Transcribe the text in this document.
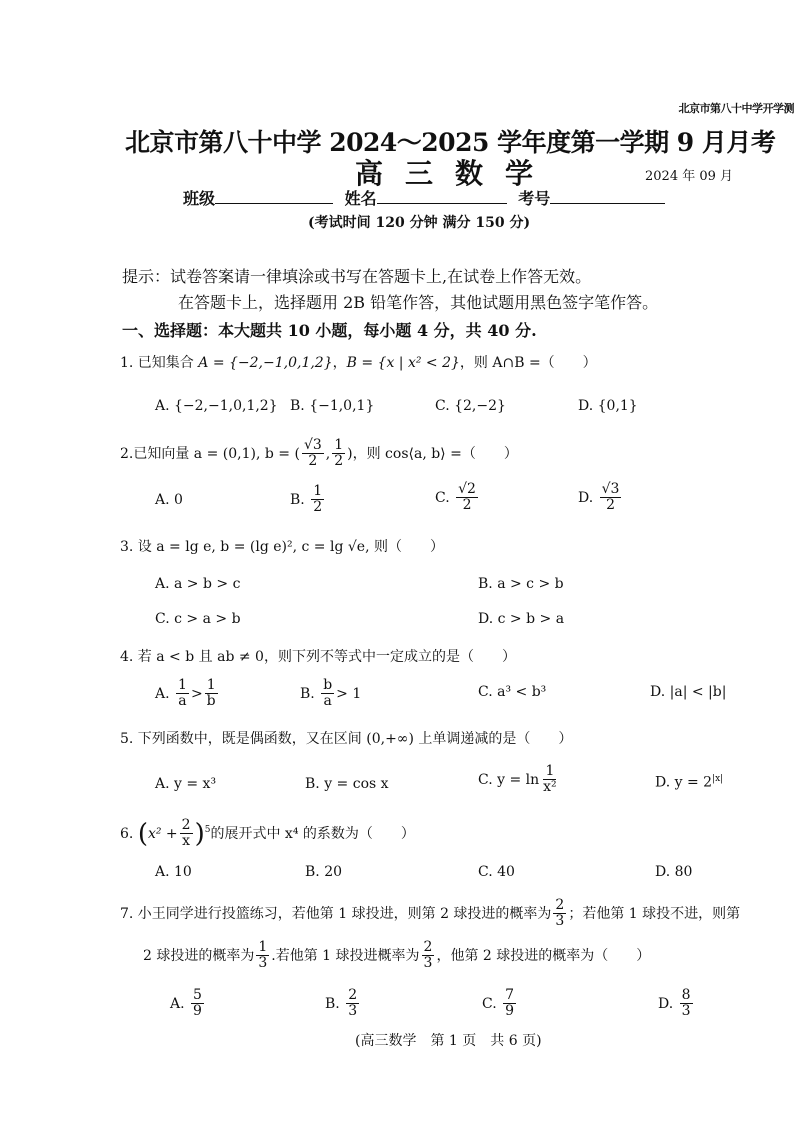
北京市第八十中学开学测
北京市第八十中学 2024～2025 学年度第一学期 9 月月考
高三数学	2024 年 09 月
班级	姓名	考号
(考试时间 120 分钟 满分 150 分)
提示：试卷答案请一律填涂或书写在答题卡上,在试卷上作答无效。
在答题卡上，选择题用 2B 铅笔作答，其他试题用黑色签字笔作答。
一、选择题：本大题共 10 小题，每小题 4 分，共 40 分.
1. 已知集合 A = {−2,−1,0,1,2}，B = {x | x² < 2}，则 A∩B =（　　）
A. {−2,−1,0,1,2} B. {−1,0,1}	C. {2,−2}	D. {0,1}
2.已知向量 a = (0,1), b = ( $\frac{√3}{2}$ , $\frac{1}{2}$ )，则 cos⟨a, b⟩ =（　　）
A. 0	B. $\frac{1}{2}$	C. $\frac{√2}{2}$	D. $\frac{√3}{2}$
3. 设 a = lg e, b = (lg e)², c = lg √e, 则（　　）
A. a > b > c	B. a > c > b
C. c > a > b	D. c > b > a
4. 若 a < b 且 ab ≠ 0，则下列不等式中一定成立的是（　　）
A. $\frac{1}{a} > \frac{1}{b}$	B. $\frac{b}{a} > 1$	C. a³ < b³	D. |a| < |b|
5. 下列函数中，既是偶函数，又在区间 (0,+∞) 上单调递减的是（　　）
A. y = x³	B. y = cos x	C. $y = \ln \frac{1}{\text{x²}}$	D. $y = 2^{|x|}$
6. $(x^2 + \frac{2}{x} )^5$的展开式中 x⁴ 的系数为（　　）
A. 10	B. 20	C. 40	D. 80
7. 小王同学进行投篮练习，若他第 1 球投进，则第 2 球投进的概率为 $\frac{2}{3}$ ；若他第 1 球投不进，则第
2 球投进的概率为 $\frac{1}{3}$ .若他第 1 球投进概率为 $\frac{2}{3}$ ，他第 2 球投进的概率为（　　）
A. $\frac{5}{9}$	B. $\frac{2}{3}$	C. $\frac{7}{9}$	D. $\frac{8}{3}$
(高三数学　第 1 页　共 6 页)
